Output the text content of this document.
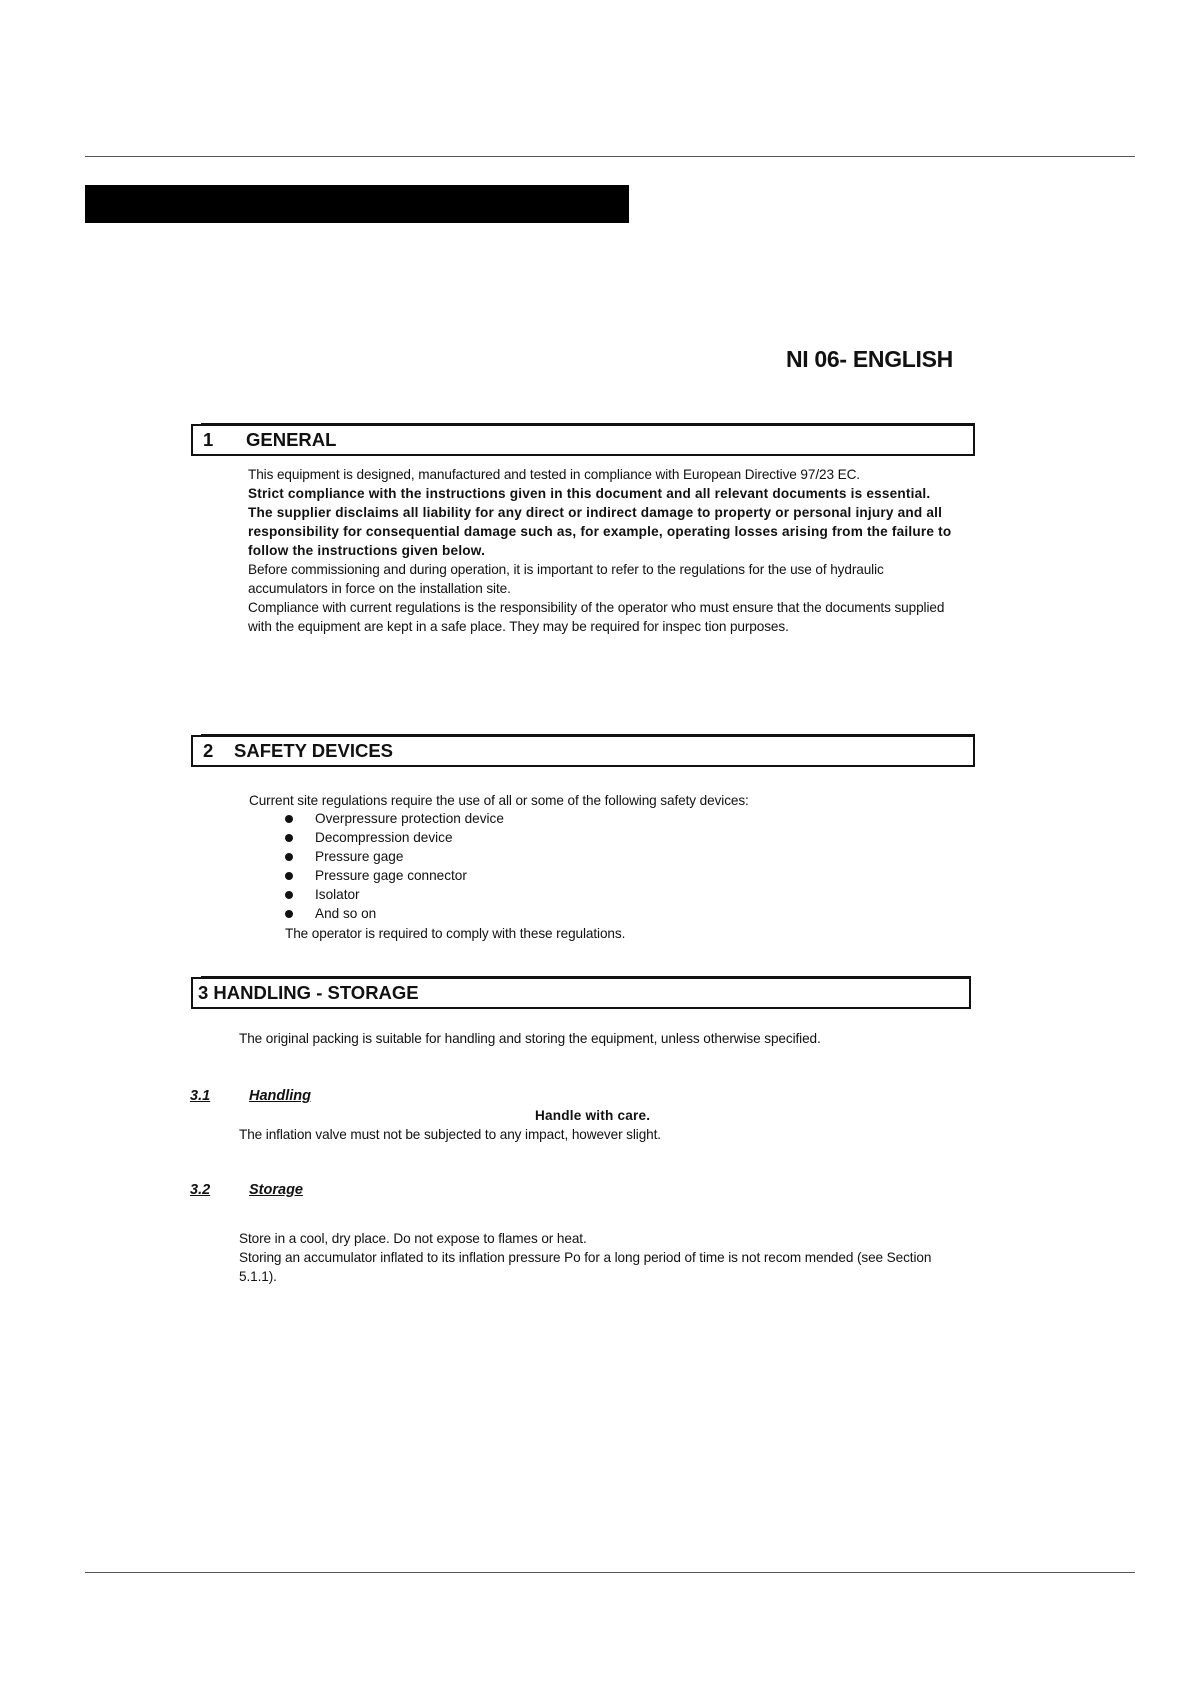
NI 06- ENGLISH
1 GENERAL

This equipment is designed, manufactured and tested in compliance with European Directive 97/23 EC.

Strict compliance with the instructions given in this document and all relevant documents is essential.

The supplier disclaims all liability for any direct or indirect damage to property or personal injury and all responsibility for consequential damage such as, for example, operating losses arising from the failure to follow the instructions given below.

Before commissioning and during operation, it is important to refer to the regulations for the use of hydraulic accumulators in force on the installation site.

Compliance with current regulations is the responsibility of the operator who must ensure that the documents supplied with the equipment are kept in a safe place. They may be required for inspec tion purposes.

2 SAFETY DEVICES
Current site regulations require the use of all or some of the following safety devices:
Overpressure protection device
Decompression device
Pressure gage
Pressure gage connector
Isolator
And so on
The operator is required to comply with these regulations.
3 HANDLING - STORAGE
The original packing is suitable for handling and storing the equipment, unless otherwise specified.
3.1	Handling
Handle with care.
The inflation valve must not be subjected to any impact, however slight.
3.2	Storage

Store in a cool, dry place. Do not expose to flames or heat.

Storing an accumulator inflated to its inflation pressure Po for a long period of time is not recom mended (see Section 5.1.1).
